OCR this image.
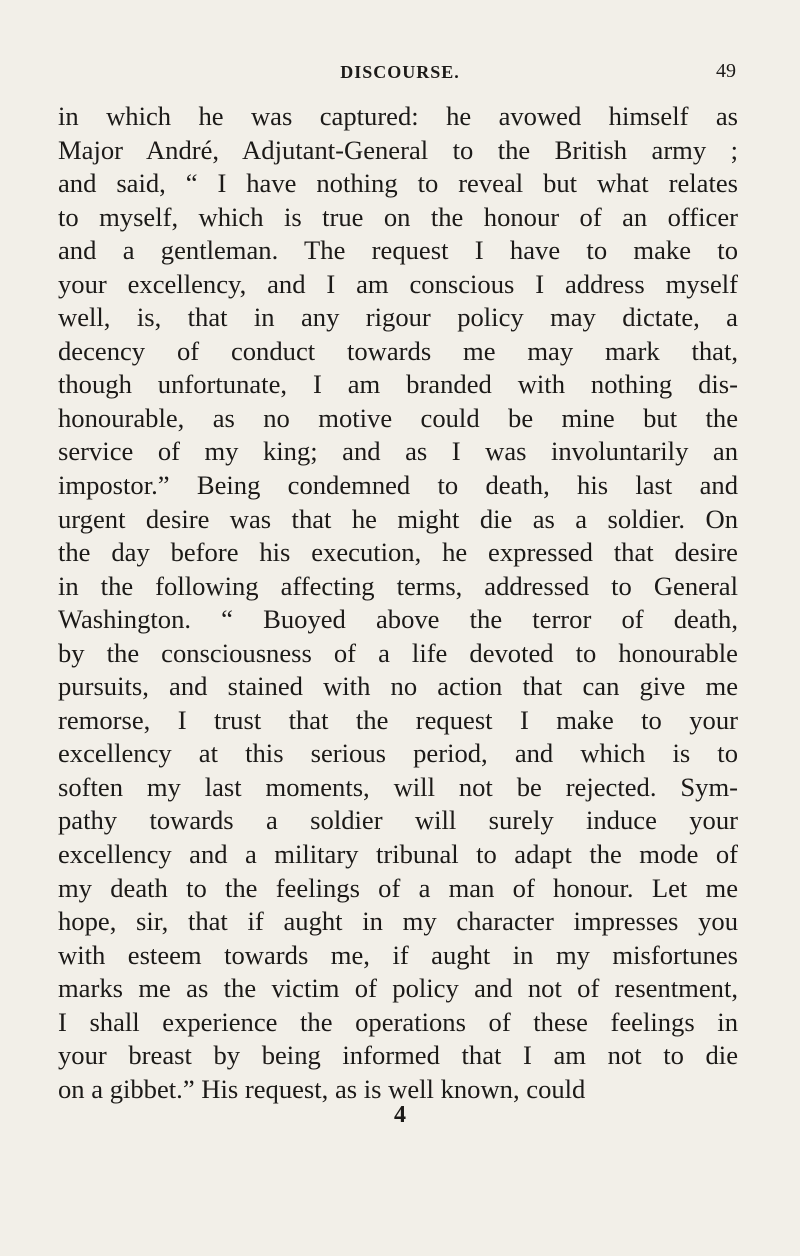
DISCOURSE.	49
in which he was captured: he avowed himself as
Major André, Adjutant-General to the British army ;
and said, “ I have nothing to reveal but what relates
to myself, which is true on the honour of an officer
and a gentleman. The request I have to make to
your excellency, and I am conscious I address myself
well, is, that in any rigour policy may dictate, a
decency of conduct towards me may mark that,
though unfortunate, I am branded with nothing dis-
honourable, as no motive could be mine but the
service of my king; and as I was involuntarily an
impostor.” Being condemned to death, his last and
urgent desire was that he might die as a soldier. On
the day before his execution, he expressed that desire
in the following affecting terms, addressed to General
Washington. “ Buoyed above the terror of death,
by the consciousness of a life devoted to honourable
pursuits, and stained with no action that can give me
remorse, I trust that the request I make to your
excellency at this serious period, and which is to
soften my last moments, will not be rejected. Sym-
pathy towards a soldier will surely induce your
excellency and a military tribunal to adapt the mode of
my death to the feelings of a man of honour. Let me
hope, sir, that if aught in my character impresses you
with esteem towards me, if aught in my misfortunes
marks me as the victim of policy and not of resentment,
I shall experience the operations of these feelings in
your breast by being informed that I am not to die
on a gibbet.” His request, as is well known, could
4
